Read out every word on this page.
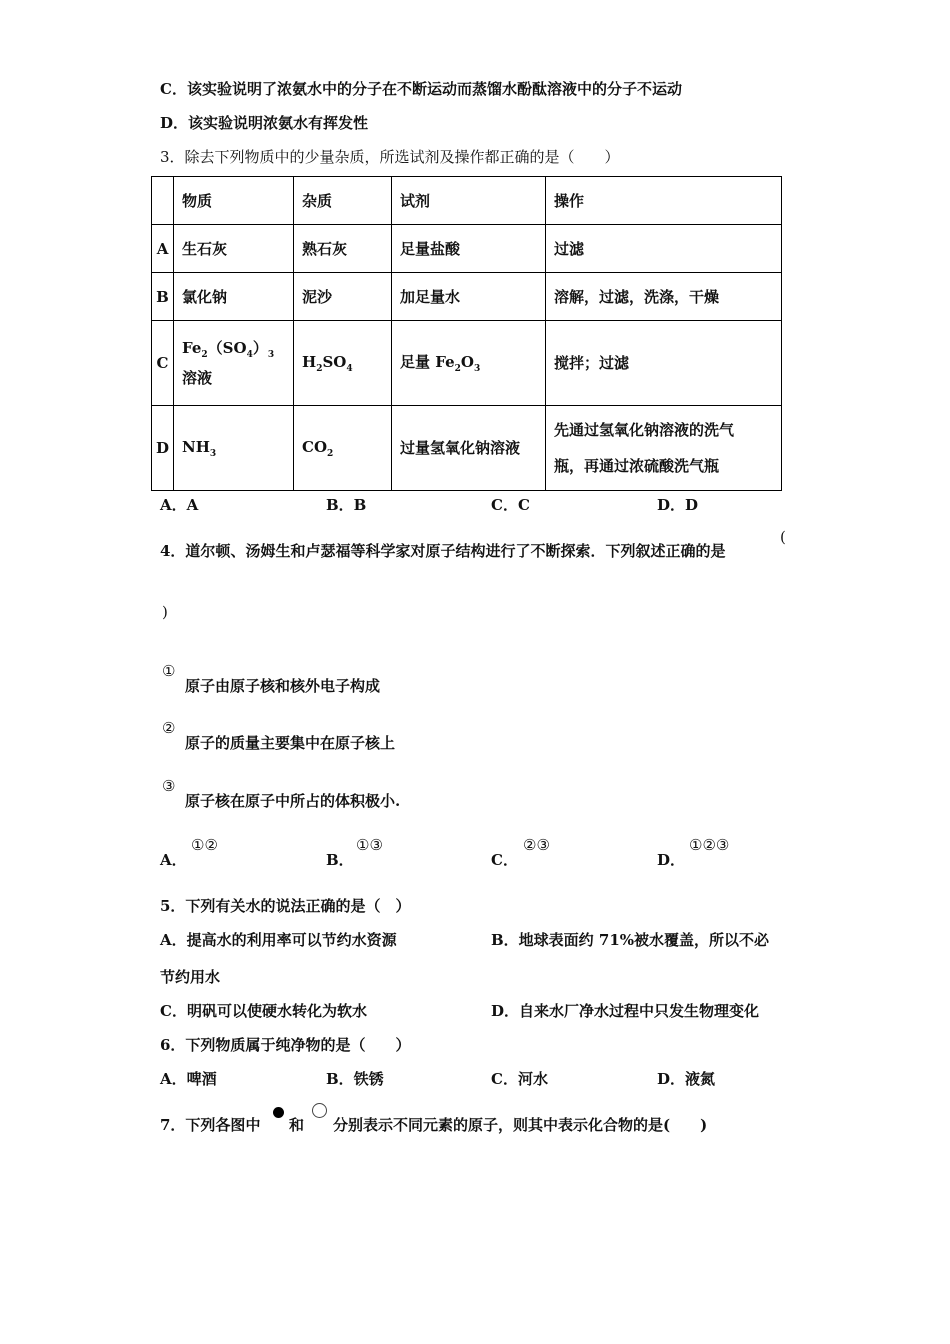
C．该实验说明了浓氨水中的分子在不断运动而蒸馏水酚酞溶液中的分子不运动
D．该实验说明浓氨水有挥发性
3．除去下列物质中的少量杂质，所选试剂及操作都正确的是（　　）
	物质	杂质	试剂	操作
A	生石灰	熟石灰	足量盐酸	过滤
B	氯化钠	泥沙	加足量水	溶解，过滤，洗涤，干燥
C	$Fe_2(SO_4)_3$
溶液	$H_2SO_4$	足量 $Fe_2O_3$	搅拌；过滤
D	$NH_3$	$CO_2$	过量氢氧化钠溶液	先通过氢氧化钠溶液的洗气
瓶，再通过浓硫酸洗气瓶
A．A	B．B	C．C	D．D
4．道尔顿、汤姆生和卢瑟福等科学家对原子结构进行了不断探索．下列叙述正确的是
(
)
①
原子由原子核和核外电子构成
②
原子的质量主要集中在原子核上
③
原子核在原子中所占的体积极小.
A．
①②
B．
①③
C．
②③
D．
①②③
5．下列有关水的说法正确的是（　）
A．提高水的利用率可以节约水资源	B．地球表面约 71%被水覆盖，所以不必
节约用水
C．明矾可以使硬水转化为软水	D．自来水厂净水过程中只发生物理变化
6．下列物质属于纯净物的是（　　）
A．啤酒	B．铁锈	C．河水	D．液氮
7．下列各图中 和 分别表示不同元素的原子，则其中表示化合物的是(　　)
